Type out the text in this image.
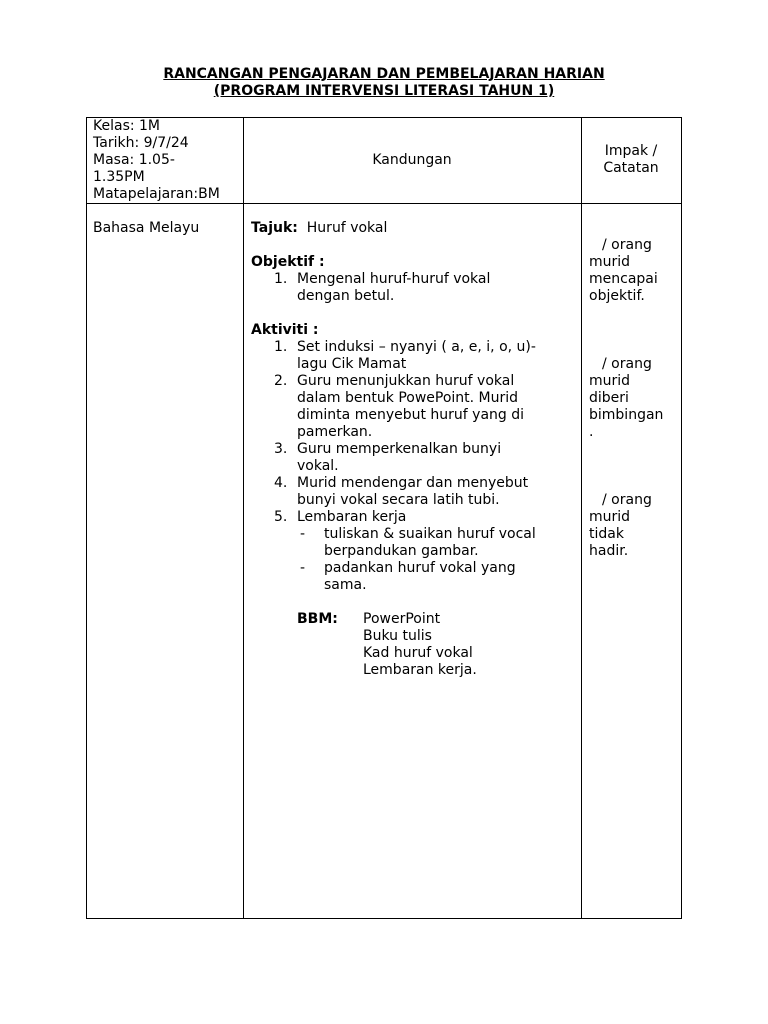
RANCANGAN PENGAJARAN DAN PEMBELAJARAN HARIAN
(PROGRAM INTERVENSI LITERASI TAHUN 1)
Kelas: 1M
Tarikh: 9/7/24
Masa: 1.05-
1.35PM
Matapelajaran:BM
Kandungan
Impak /
Catatan
Bahasa Melayu	Tajuk: Huruf vokal
Objektif :
1. Mengenal huruf-huruf vokal
dengan betul.
Aktiviti :
1. Set induksi – nyanyi ( a, e, i, o, u)-
lagu Cik Mamat
2. Guru menunjukkan huruf vokal
dalam bentuk PowePoint. Murid
diminta menyebut huruf yang di
pamerkan.
3. Guru memperkenalkan bunyi
vokal.
4. Murid mendengar dan menyebut
bunyi vokal secara latih tubi.
5. Lembaran kerja
- tuliskan & suaikan huruf vocal
berpandukan gambar.
- padankan huruf vokal yang
sama.
BBM: PowerPoint
Buku tulis
Kad huruf vokal
Lembaran kerja.
/ orang
murid
mencapai
objektif.
/ orang
murid
diberi
bimbingan
.
/ orang
murid
tidak
hadir.
